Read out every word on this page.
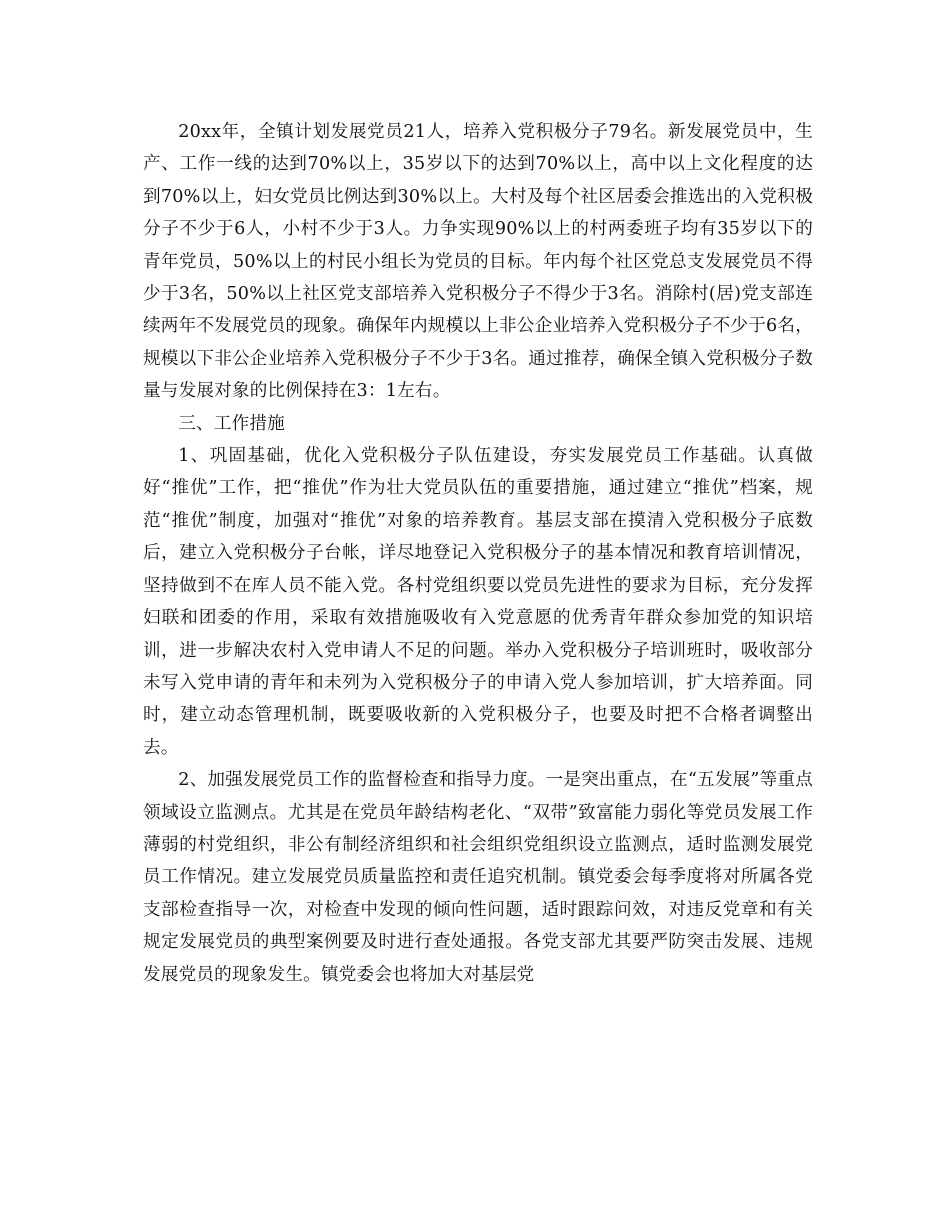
20xx年，全镇计划发展党员21人，培养入党积极分子79名。新发展党员中，生产、工作一线的达到70%以上，35岁以下的达到70%以上，高中以上文化程度的达到70%以上，妇女党员比例达到30%以上。大村及每个社区居委会推选出的入党积极分子不少于6人，小村不少于3人。力争实现90%以上的村两委班子均有35岁以下的青年党员，50%以上的村民小组长为党员的目标。年内每个社区党总支发展党员不得少于3名，50%以上社区党支部培养入党积极分子不得少于3名。消除村(居)党支部连续两年不发展党员的现象。确保年内规模以上非公企业培养入党积极分子不少于6名，规模以下非公企业培养入党积极分子不少于3名。通过推荐，确保全镇入党积极分子数量与发展对象的比例保持在3：1左右。

三、工作措施

1、巩固基础，优化入党积极分子队伍建设，夯实发展党员工作基础。认真做好“推优”工作，把“推优”作为壮大党员队伍的重要措施，通过建立“推优”档案，规范“推优”制度，加强对“推优”对象的培养教育。基层支部在摸清入党积极分子底数后，建立入党积极分子台帐，详尽地登记入党积极分子的基本情况和教育培训情况，坚持做到不在库人员不能入党。各村党组织要以党员先进性的要求为目标，充分发挥妇联和团委的作用，采取有效措施吸收有入党意愿的优秀青年群众参加党的知识培训，进一步解决农村入党申请人不足的问题。举办入党积极分子培训班时，吸收部分未写入党申请的青年和未列为入党积极分子的申请入党人参加培训，扩大培养面。同时，建立动态管理机制，既要吸收新的入党积极分子，也要及时把不合格者调整出去。

2、加强发展党员工作的监督检查和指导力度。一是突出重点，在“五发展”等重点领域设立监测点。尤其是在党员年龄结构老化、“双带”致富能力弱化等党员发展工作薄弱的村党组织，非公有制经济组织和社会组织党组织设立监测点，适时监测发展党员工作情况。建立发展党员质量监控和责任追究机制。镇党委会每季度将对所属各党支部检查指导一次，对检查中发现的倾向性问题，适时跟踪问效，对违反党章和有关规定发展党员的典型案例要及时进行查处通报。各党支部尤其要严防突击发展、违规发展党员的现象发生。镇党委会也将加大对基层党
